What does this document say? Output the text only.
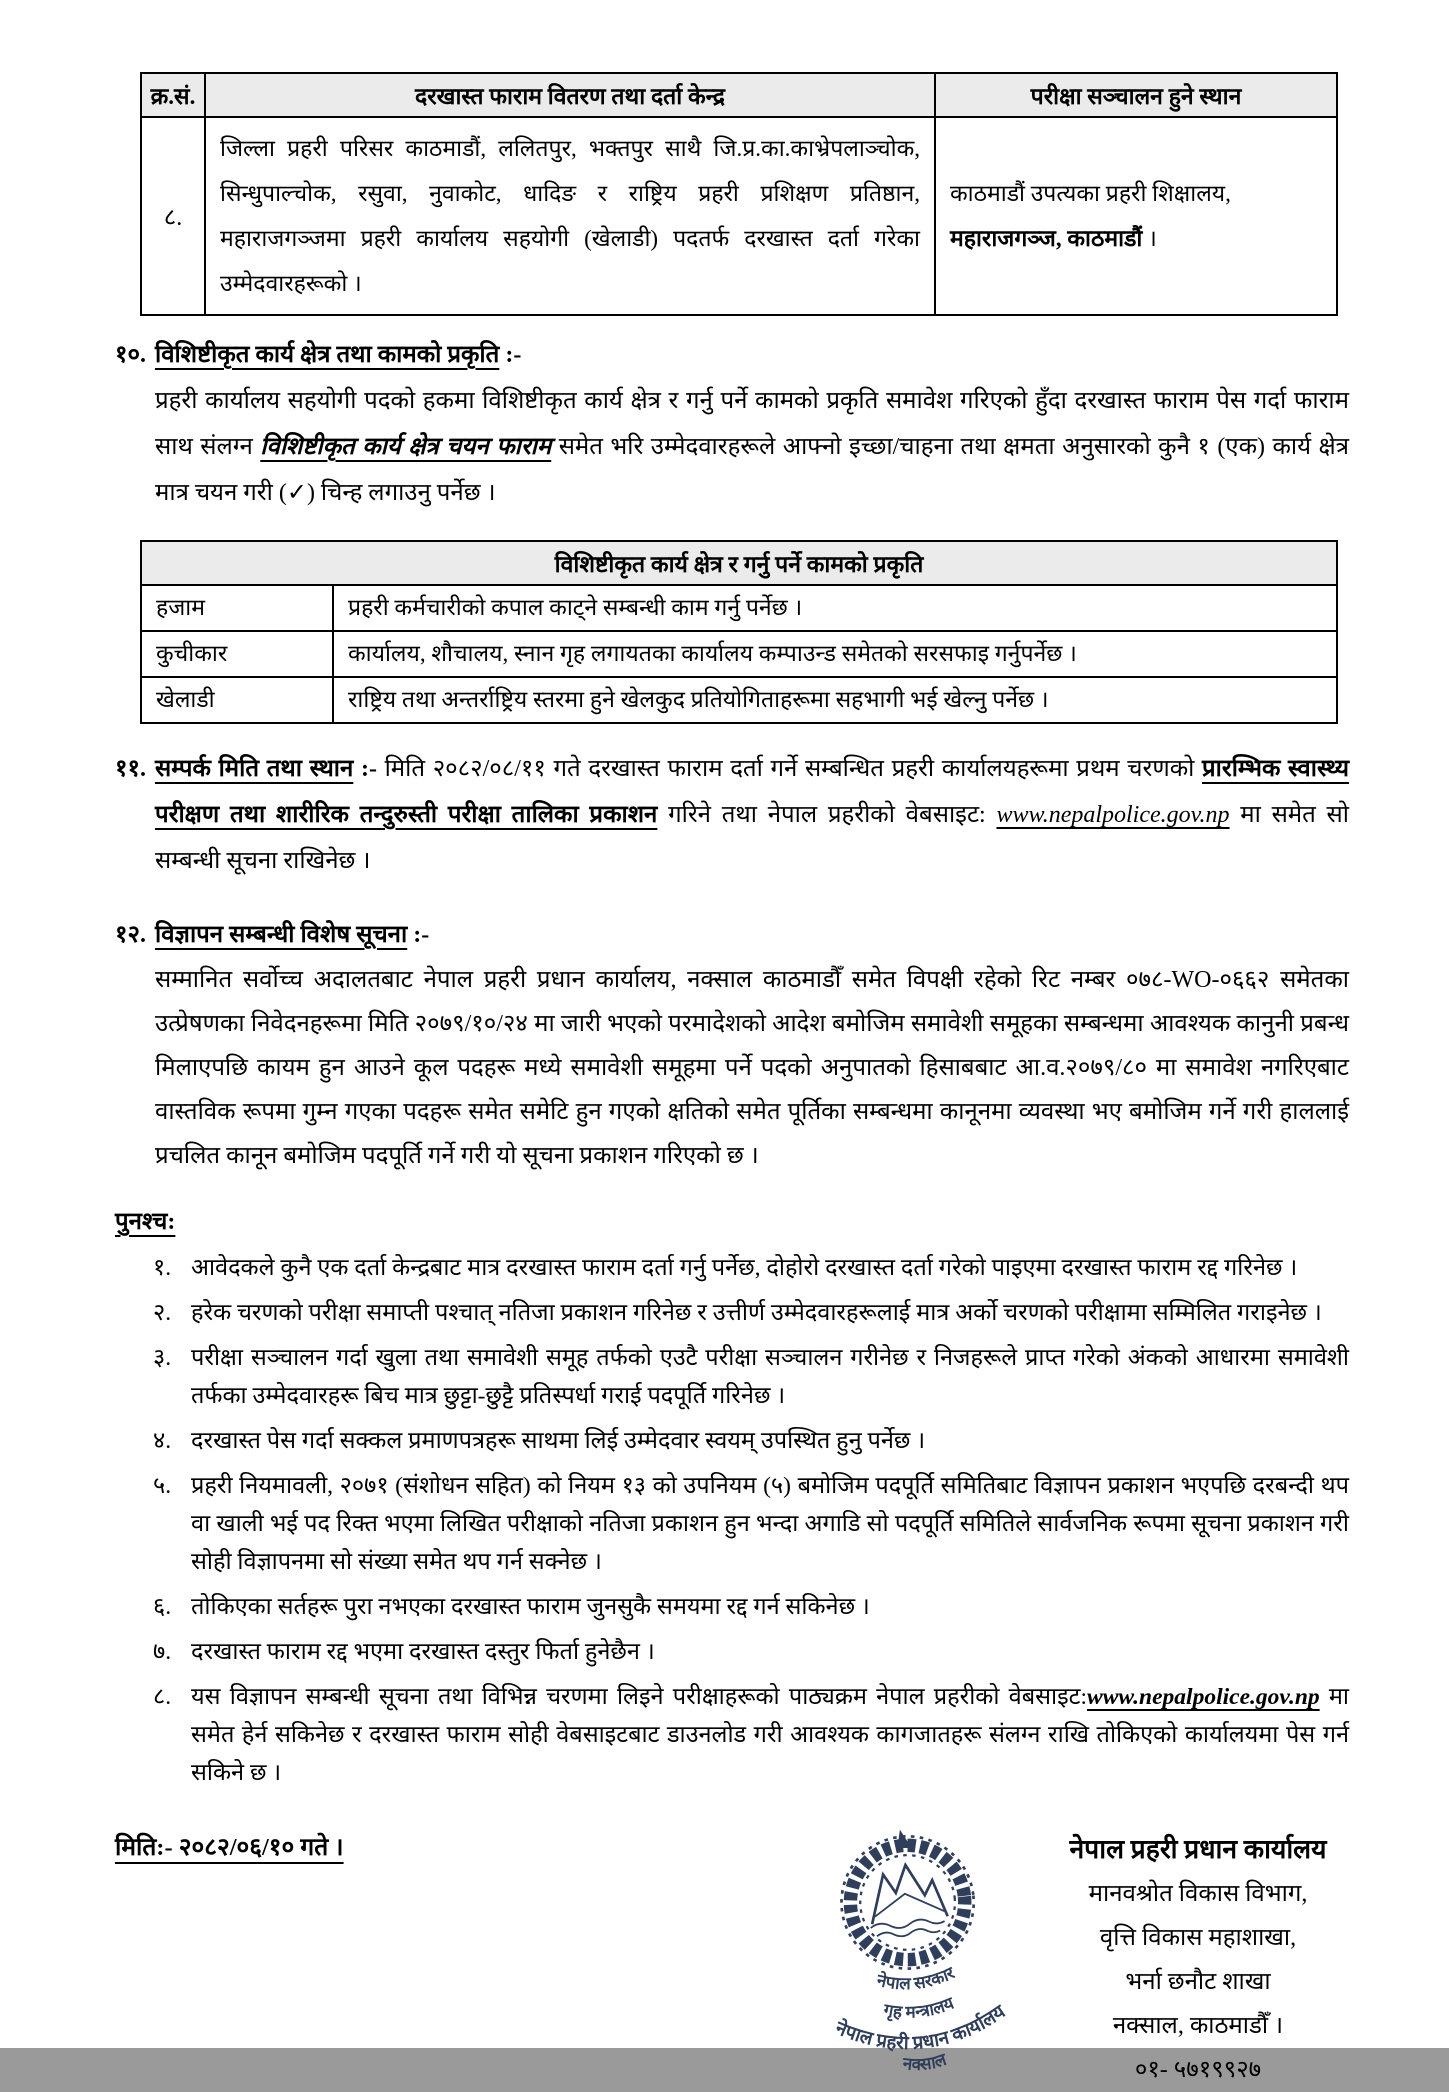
क्र.सं.	दरखास्त फाराम वितरण तथा दर्ता केन्द्र	परीक्षा सञ्चालन हुने स्थान
८.	जिल्ला प्रहरी परिसर काठमाडौं, ललितपुर, भक्तपुर साथै जि.प्र.का.काभ्रेपलाञ्चोक, सिन्धुपाल्चोक, रसुवा, नुवाकोट, धादिङ र राष्ट्रिय प्रहरी प्रशिक्षण प्रतिष्ठान, महाराजगञ्जमा प्रहरी कार्यालय सहयोगी (खेलाडी) पदतर्फ दरखास्त दर्ता गरेका उम्मेदवारहरूको ।	काठमाडौं उपत्यका प्रहरी शिक्षालय, महाराजगञ्ज, काठमाडौं ।
१०. विशिष्टीकृत कार्य क्षेत्र तथा कामको प्रकृति :-
प्रहरी कार्यालय सहयोगी पदको हकमा विशिष्टीकृत कार्य क्षेत्र र गर्नु पर्ने कामको प्रकृति समावेश गरिएको हुँदा दरखास्त फाराम पेस गर्दा फाराम साथ संलग्न विशिष्टीकृत कार्य क्षेत्र चयन फाराम समेत भरि उम्मेदवारहरूले आफ्नो इच्छा/चाहना तथा क्षमता अनुसारको कुनै १ (एक) कार्य क्षेत्र मात्र चयन गरी (✓) चिन्ह लगाउनु पर्नेछ ।
विशिष्टीकृत कार्य क्षेत्र र गर्नु पर्ने कामको प्रकृति	
हजाम	प्रहरी कर्मचारीको कपाल काट्ने सम्बन्धी काम गर्नु पर्नेछ ।
कुचीकार	कार्यालय, शौचालय, स्नान गृह लगायतका कार्यालय कम्पाउन्ड समेतको सरसफाइ गर्नुपर्नेछ ।
खेलाडी	राष्ट्रिय तथा अन्तर्राष्ट्रिय स्तरमा हुने खेलकुद प्रतियोगिताहरूमा सहभागी भई खेल्नु पर्नेछ ।
११. सम्पर्क मिति तथा स्थान :- मिति २०८२/०८/११ गते दरखास्त फाराम दर्ता गर्ने सम्बन्धित प्रहरी कार्यालयहरूमा प्रथम चरणको प्रारम्भिक स्वास्थ्य परीक्षण तथा शारीरिक तन्दुरुस्ती परीक्षा तालिका प्रकाशन गरिने तथा नेपाल प्रहरीको वेबसाइट: www.nepalpolice.gov.np मा समेत सो सम्बन्धी सूचना राखिनेछ ।
१२. विज्ञापन सम्बन्धी विशेष सूचना :-
सम्मानित सर्वोच्च अदालतबाट नेपाल प्रहरी प्रधान कार्यालय, नक्साल काठमाडौँ समेत विपक्षी रहेको रिट नम्बर ०७८-WO-०६६२ समेतका उत्प्रेषणका निवेदनहरूमा मिति २०७९/१०/२४ मा जारी भएको परमादेशको आदेश बमोजिम समावेशी समूहका सम्बन्धमा आवश्यक कानुनी प्रबन्ध मिलाएपछि कायम हुन आउने कूल पदहरू मध्ये समावेशी समूहमा पर्ने पदको अनुपातको हिसाबबाट आ.व.२०७९/८० मा समावेश नगरिएबाट वास्तविक रूपमा गुम्न गएका पदहरू समेत समेटि हुन गएको क्षतिको समेत पूर्तिका सम्बन्धमा कानूनमा व्यवस्था भए बमोजिम गर्ने गरी हाललाई प्रचलित कानून बमोजिम पदपूर्ति गर्ने गरी यो सूचना प्रकाशन गरिएको छ ।
पुनश्च:
१. आवेदकले कुनै एक दर्ता केन्द्रबाट मात्र दरखास्त फाराम दर्ता गर्नु पर्नेछ, दोहोरो दरखास्त दर्ता गरेको पाइएमा दरखास्त फाराम रद्द गरिनेछ ।
२. हरेक चरणको परीक्षा समाप्ती पश्चात् नतिजा प्रकाशन गरिनेछ र उत्तीर्ण उम्मेदवारहरूलाई मात्र अर्को चरणको परीक्षामा सम्मिलित गराइनेछ ।
३. परीक्षा सञ्चालन गर्दा खुला तथा समावेशी समूह तर्फको एउटै परीक्षा सञ्चालन गरीनेछ र निजहरूले प्राप्त गरेको अंकको आधारमा समावेशी तर्फका उम्मेदवारहरू बिच मात्र छुट्टा-छुट्टै प्रतिस्पर्धा गराई पदपूर्ति गरिनेछ ।
४. दरखास्त पेस गर्दा सक्कल प्रमाणपत्रहरू साथमा लिई उम्मेदवार स्वयम् उपस्थित हुनु पर्नेछ ।
५. प्रहरी नियमावली, २०७१ (संशोधन सहित) को नियम १३ को उपनियम (५) बमोजिम पदपूर्ति समितिबाट विज्ञापन प्रकाशन भएपछि दरबन्दी थप वा खाली भई पद रिक्त भएमा लिखित परीक्षाको नतिजा प्रकाशन हुन भन्दा अगाडि सो पदपूर्ति समितिले सार्वजनिक रूपमा सूचना प्रकाशन गरी सोही विज्ञापनमा सो संख्या समेत थप गर्न सक्नेछ ।
६. तोकिएका सर्तहरू पुरा नभएका दरखास्त फाराम जुनसुकै समयमा रद्द गर्न सकिनेछ ।
७. दरखास्त फाराम रद्द भएमा दरखास्त दस्तुर फिर्ता हुनेछैन ।
८. यस विज्ञापन सम्बन्धी सूचना तथा विभिन्न चरणमा लिइने परीक्षाहरूको पाठ्यक्रम नेपाल प्रहरीको वेबसाइट:www.nepalpolice.gov.np मा समेत हेर्न सकिनेछ र दरखास्त फाराम सोही वेबसाइटबाट डाउनलोड गरी आवश्यक कागजातहरू संलग्न राखि तोकिएको कार्यालयमा पेस गर्न सकिने छ ।
मिति:- २०८२/०६/१० गते ।
नेपाल सरकार
गृह मन्त्रालय
नेपाल प्रहरी प्रधान कार्यालय
नक्साल
नेपाल प्रहरी प्रधान कार्यालय
मानवश्रोत विकास विभाग,
वृत्ति विकास महाशाखा,
भर्ना छनौट शाखा
नक्साल, काठमाडौँ ।
०१- ५७१९९२७
